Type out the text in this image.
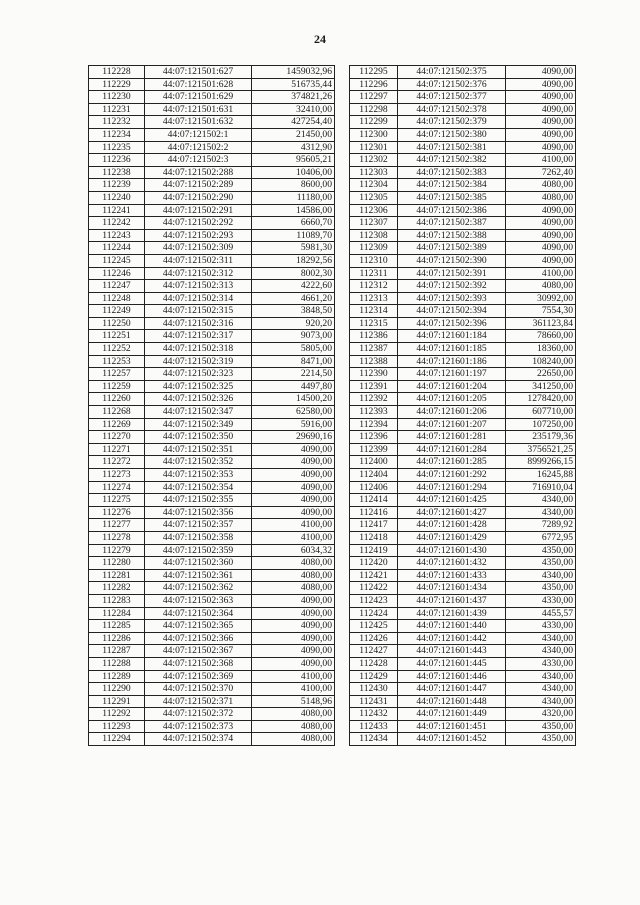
24
112228	44:07:121501:627	1459032,96
112229	44:07:121501:628	516735,44
112230	44:07:121501:629	374821,26
112231	44:07:121501:631	32410,00
112232	44:07:121501:632	427254,40
112234	44:07:121502:1	21450,00
112235	44:07:121502:2	4312,90
112236	44:07:121502:3	95605,21
112238	44:07:121502:288	10406,00
112239	44:07:121502:289	8600,00
112240	44:07:121502:290	11180,00
112241	44:07:121502:291	14586,00
112242	44:07:121502:292	6660,70
112243	44:07:121502:293	11089,70
112244	44:07:121502:309	5981,30
112245	44:07:121502:311	18292,56
112246	44:07:121502:312	8002,30
112247	44:07:121502:313	4222,60
112248	44:07:121502:314	4661,20
112249	44:07:121502:315	3848,50
112250	44:07:121502:316	920,20
112251	44:07:121502:317	9073,00
112252	44:07:121502:318	5805,00
112253	44:07:121502:319	8471,00
112257	44:07:121502:323	2214,50
112259	44:07:121502:325	4497,80
112260	44:07:121502:326	14500,20
112268	44:07:121502:347	62580,00
112269	44:07:121502:349	5916,00
112270	44:07:121502:350	29690,16
112271	44:07:121502:351	4090,00
112272	44:07:121502:352	4090,00
112273	44:07:121502:353	4090,00
112274	44:07:121502:354	4090,00
112275	44:07:121502:355	4090,00
112276	44:07:121502:356	4090,00
112277	44:07:121502:357	4100,00
112278	44:07:121502:358	4100,00
112279	44:07:121502:359	6034,32
112280	44:07:121502:360	4080,00
112281	44:07:121502:361	4080,00
112282	44:07:121502:362	4080,00
112283	44:07:121502:363	4090,00
112284	44:07:121502:364	4090,00
112285	44:07:121502:365	4090,00
112286	44:07:121502:366	4090,00
112287	44:07:121502:367	4090,00
112288	44:07:121502:368	4090,00
112289	44:07:121502:369	4100,00
112290	44:07:121502:370	4100,00
112291	44:07:121502:371	5148,96
112292	44:07:121502:372	4080,00
112293	44:07:121502:373	4080,00
112294	44:07:121502:374	4080,00
112295	44:07:121502:375	4090,00
112296	44:07:121502:376	4090,00
112297	44:07:121502:377	4090,00
112298	44:07:121502:378	4090,00
112299	44:07:121502:379	4090,00
112300	44:07:121502:380	4090,00
112301	44:07:121502:381	4090,00
112302	44:07:121502:382	4100,00
112303	44:07:121502:383	7262,40
112304	44:07:121502:384	4080,00
112305	44:07:121502:385	4080,00
112306	44:07:121502:386	4090,00
112307	44:07:121502:387	4090,00
112308	44:07:121502:388	4090,00
112309	44:07:121502:389	4090,00
112310	44:07:121502:390	4090,00
112311	44:07:121502:391	4100,00
112312	44:07:121502:392	4080,00
112313	44:07:121502:393	30992,00
112314	44:07:121502:394	7554,30
112315	44:07:121502:396	361123,84
112386	44:07:121601:184	78660,00
112387	44:07:121601:185	18360,00
112388	44:07:121601:186	108240,00
112390	44:07:121601:197	22650,00
112391	44:07:121601:204	341250,00
112392	44:07:121601:205	1278420,00
112393	44:07:121601:206	607710,00
112394	44:07:121601:207	107250,00
112396	44:07:121601:281	235179,36
112399	44:07:121601:284	3756521,25
112400	44:07:121601:285	8999266,15
112404	44:07:121601:292	16245,88
112406	44:07:121601:294	716910,04
112414	44:07:121601:425	4340,00
112416	44:07:121601:427	4340,00
112417	44:07:121601:428	7289,92
112418	44:07:121601:429	6772,95
112419	44:07:121601:430	4350,00
112420	44:07:121601:432	4350,00
112421	44:07:121601:433	4340,00
112422	44:07:121601:434	4350,00
112423	44:07:121601:437	4330,00
112424	44:07:121601:439	4455,57
112425	44:07:121601:440	4330,00
112426	44:07:121601:442	4340,00
112427	44:07:121601:443	4340,00
112428	44:07:121601:445	4330,00
112429	44:07:121601:446	4340,00
112430	44:07:121601:447	4340,00
112431	44:07:121601:448	4340,00
112432	44:07:121601:449	4320,00
112433	44:07:121601:451	4350,00
112434	44:07:121601:452	4350,00
